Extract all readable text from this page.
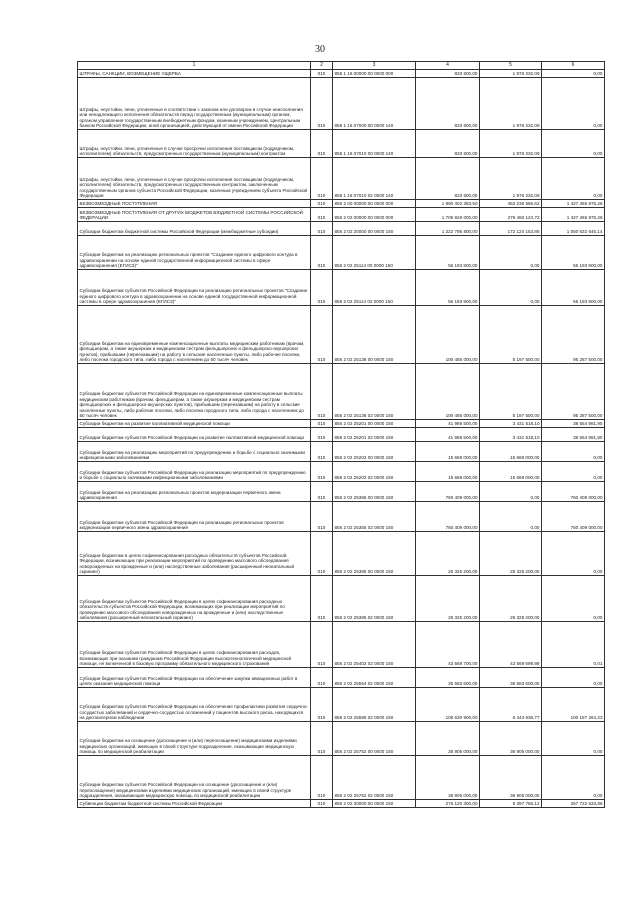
30
1	2	3	4	5	6
ШТРАФЫ, САНКЦИИ, ВОЗМЕЩЕНИЕ УЩЕРБА	010	855 1 16 00000 00 0000 000	833 600,00	1 976 232,09	0,00
Штрафы, неустойки, пени, уплаченные в соответствии с законом или договором в случае неисполнения или ненадлежащего исполнения обязательств перед государственным (муниципальным) органом, органом управления государственным внебюджетным фондом, казенным учреждением, Центральным банком Российской Федерации, иной организацией, действующей от имени Российской Федерации	010	855 1 16 07000 00 0000 140	833 600,00	1 976 232,09	0,00
Штрафы, неустойки, пени, уплаченные в случае просрочки исполнения поставщиком (подрядчиком, исполнителем) обязательств, предусмотренных государственным (муниципальным) контрактом	010	855 1 16 07010 00 0000 140	833 600,00	1 976 232,09	0,00
Штрафы, неустойки, пени, уплаченные в случае просрочки исполнения поставщиком (подрядчиком, исполнителем) обязательств, предусмотренных государственным контрактом, заключенным государственным органом субъекта Российской Федерации, казенным учреждением субъекта Российской Федерации	010	855 1 16 07010 02 0000 140	833 600,00	1 976 232,09	0,00
БЕЗВОЗМЕЗДНЫЕ ПОСТУПЛЕНИЯ	010	855 2 00 00000 00 0000 000	1 890 402 383,50	463 236 565,62	1 427 465 875,28
БЕЗВОЗМЕЗДНЫЕ ПОСТУПЛЕНИЯ ОТ ДРУГИХ БЮДЖЕТОВ БЮДЖЕТНОЙ СИСТЕМЫ РОССИЙСКОЙ ФЕДЕРАЦИИ	010	855 2 02 00000 00 0000 000	1 706 926 000,00	279 460 124,72	1 427 465 875,28
Субсидии бюджетам бюджетной системы Российской Федерации (межбюджетные субсидии)	010	855 2 02 20000 00 0000 150	1 222 795 800,00	172 124 153,86	1 050 632 646,14
Субсидии бюджетам на реализацию региональных проектов "Создание единого цифрового контура в здравоохранении на основе единой государственной информационной системы в сфере здравоохранения (ЕГИСЗ)"	010	855 2 02 25114 00 0000 150	56 193 900,00	0,00	56 193 900,00
Субсидии бюджетам субъектов Российской Федерации на реализацию региональных проектов "Создание единого цифрового контура в здравоохранении на основе единой государственной информационной системы в сфере здравоохранения (ЕГИСЗ)"	010	855 2 02 25114 02 0000 150	56 193 900,00	0,00	56 193 900,00
Субсидии бюджетам на единовременные компенсационные выплаты медицинским работникам (врачам, фельдшерам, а также акушеркам и медицинским сестрам фельдшерских и фельдшерско-акушерских пунктов), прибывшим (переехавшим) на работу в сельские населенные пункты, либо рабочие поселки, либо поселки городского типа, либо города с населением до 50 тысяч человек	010	855 2 02 25138 00 0000 150	100 485 000,00	5 197 500,00	95 287 500,00
Субсидии бюджетам субъектов Российской Федерации на единовременные компенсационные выплаты медицинским работникам (врачам, фельдшерам, а также акушеркам и медицинским сестрам фельдшерских и фельдшерско-акушерских пунктов), прибывшим (переехавшим) на работу в сельские населенные пункты, либо рабочие поселки, либо поселки городского типа, либо города с населением до 50 тысяч человек	010	855 2 02 25138 02 0000 150	100 485 000,00	5 197 500,00	95 287 500,00
Субсидии бюджетам на развитие паллиативной медицинской помощи	010	855 2 02 25201 00 0000 150	41 986 500,00	3 431 518,10	38 554 981,90
Субсидии бюджетам субъектов Российской Федерации на развитие паллиативной медицинской помощи	010	855 2 02 25201 02 0000 150	41 986 500,00	3 431 518,10	38 554 981,90
Субсидии бюджетам на реализацию мероприятий по предупреждению и борьбе с социально значимыми инфекционными заболеваниями	010	855 2 02 25202 00 0000 150	15 668 000,00	15 668 000,00	0,00
Субсидии бюджетам субъектов Российской Федерации на реализацию мероприятий по предупреждению и борьбе с социально значимыми инфекционными заболеваниями	010	855 2 02 25202 02 0000 150	15 668 000,00	15 668 000,00	0,00
Субсидии бюджетам на реализацию региональных проектов модернизации первичного звена здравоохранения	010	855 2 02 25365 00 0000 150	760 409 000,00	0,00	760 409 000,00
Субсидии бюджетам субъектов Российской Федерации на реализацию региональных проектов модернизации первичного звена здравоохранения	010	855 2 02 25365 02 0000 150	760 409 000,00	0,00	760 409 000,00
Субсидии бюджетам в целях софинансирования расходных обязательств субъектов Российской Федерации, возникающих при реализации мероприятий по проведению массового обследования новорожденных на врожденные и (или) наследственные заболевания (расширенный неонатальный скрининг)	010	855 2 02 25385 00 0000 150	25 325 200,00	25 325 200,00	0,00
Субсидии бюджетам субъектов Российской Федерации в целях софинансирования расходных обязательств субъектов Российской Федерации, возникающих при реализации мероприятий по проведению массового обследования новорожденных на врожденные и (или) наследственные заболевания (расширенный неонатальный скрининг)	010	855 2 02 25385 02 0000 150	25 325 200,00	25 325 200,00	0,00
Субсидии бюджетам субъектов Российской Федерации в целях софинансирования расходов, возникающих при оказании гражданам Российской Федерации высокотехнологичной медицинской помощи, не включенной в базовую программу обязательного медицинского страхования	010	855 2 02 25402 02 0000 150	43 569 700,00	43 569 699,99	0,01
Субсидии бюджетам субъектов Российской Федерации на обеспечение закупки авиационных работ в целях оказания медицинской помощи	010	855 2 02 25554 02 0000 150	35 583 600,00	35 583 600,00	0,00
Субсидии бюджетам субъектов Российской Федерации на обеспечение профилактики развития сердечно-сосудистых заболеваний и сердечно-сосудистых осложнений у пациентов высокого риска, находящихся на диспансерном наблюдении	010	855 2 02 25586 02 0000 150	106 630 900,00	6 443 635,77	100 187 264,23
Субсидии бюджетам на оснащение (дооснащение и (или) переоснащение) медицинскими изделиями медицинских организаций, имеющих в своей структуре подразделения, оказывающие медицинскую помощь по медицинской реабилитации	010	855 2 02 25752 00 0000 150	36 905 000,00	36 905 000,00	0,00
Субсидии бюджетам субъектов Российской Федерации на оснащение (дооснащение и (или) переоснащение) медицинскими изделиями медицинских организаций, имеющих в своей структуре подразделения, оказывающие медицинскую помощь по медицинской реабилитации	010	855 2 02 25752 02 0000 150	36 905 000,00	36 905 000,00	0,00
Субвенции бюджетам бюджетной системы Российской Федерации	010	855 2 02 30000 00 0000 150	276 120 300,00	8 397 766,12	267 722 533,88
